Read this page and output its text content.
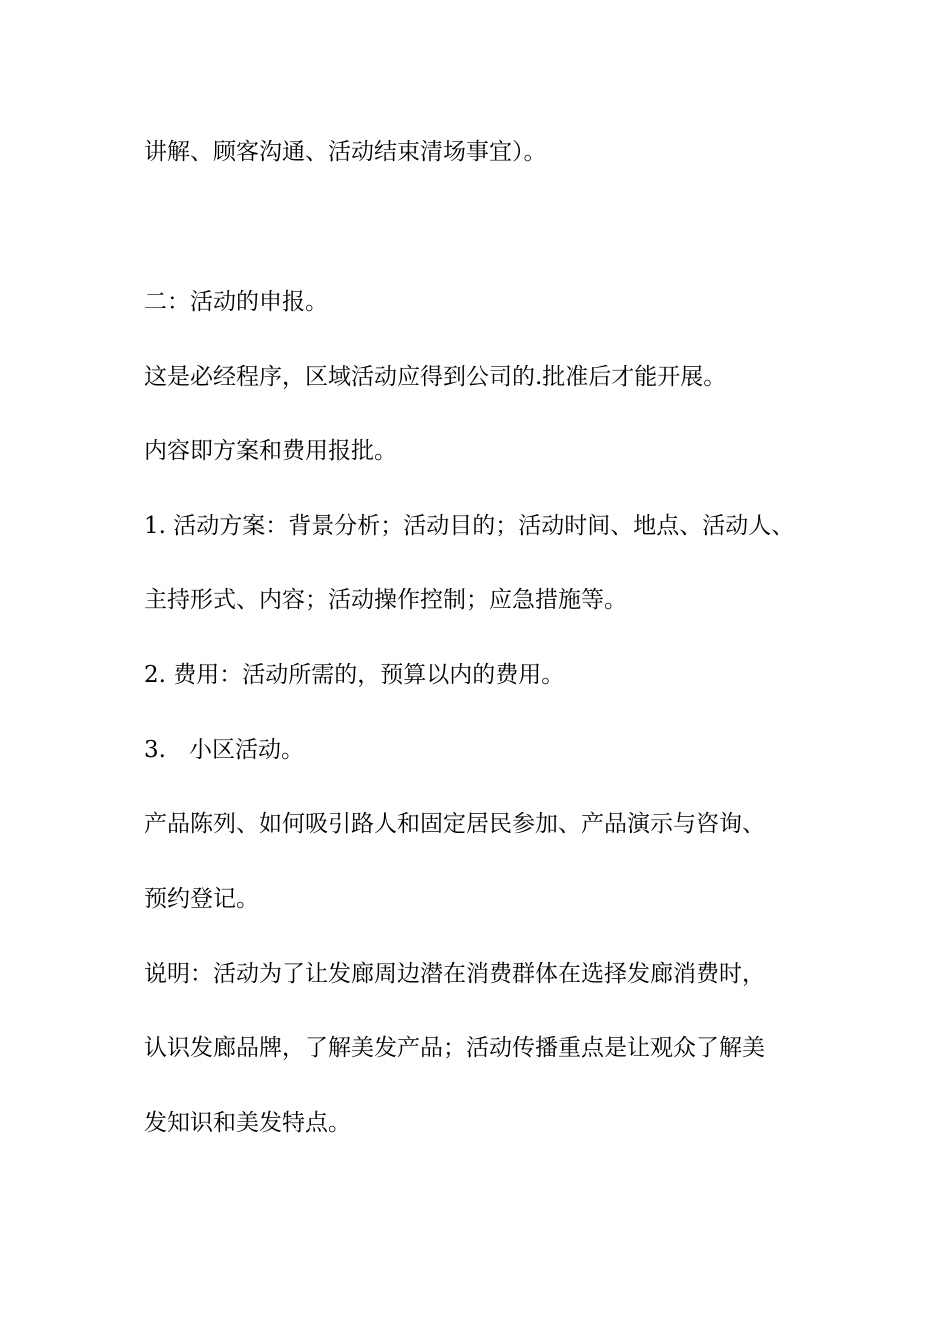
讲解、顾客沟通、活动结束清场事宜）。

二：活动的申报。

这是必经程序，区域活动应得到公司的.批准后才能开展。

内容即方案和费用报批。

1. 活动方案：背景分析；活动目的；活动时间、地点、活动人、

主持形式、内容；活动操作控制；应急措施等。

2. 费用：活动所需的，预算以内的费用。

3.　小区活动。

产品陈列、如何吸引路人和固定居民参加、产品演示与咨询、

预约登记。

说明：活动为了让发廊周边潜在消费群体在选择发廊消费时，

认识发廊品牌，了解美发产品；活动传播重点是让观众了解美

发知识和美发特点。
